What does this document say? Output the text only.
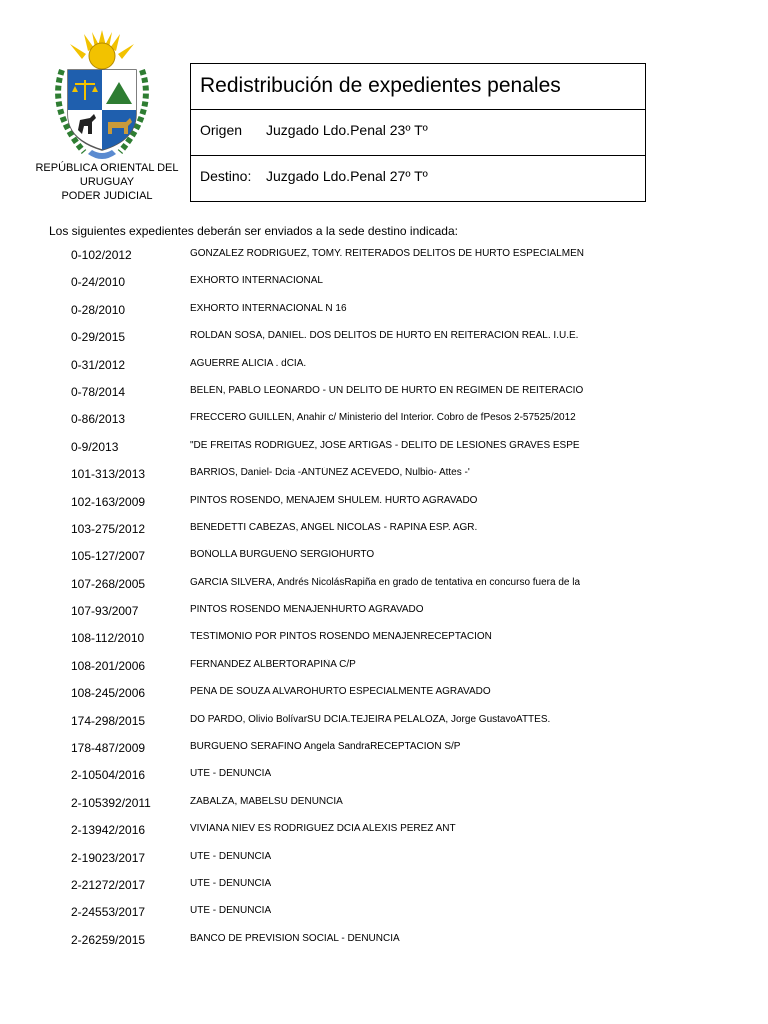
REPÚBLICA ORIENTAL DEL
URUGUAY
PODER JUDICIAL
Redistribución de expedientes penales
Origen Juzgado Ldo.Penal 23º Tº
Destino: Juzgado Ldo.Penal 27º Tº
Los siguientes expedientes deberán ser enviados a la sede destino indicada:
0-102/2012	GONZALEZ RODRIGUEZ, TOMY. REITERADOS DELITOS DE HURTO ESPECIALMEN
0-24/2010	EXHORTO INTERNACIONAL
0-28/2010	EXHORTO INTERNACIONAL N 16
0-29/2015	ROLDÁN SOSA, DANIEL. DOS DELITOS DE HURTO EN REITERACIÓN REAL. I.U.E.
0-31/2012	AGUERRE ALICIA . dCIA.
0-78/2014	BELÉN, PABLO LEONARDO - UN DELITO DE HURTO EN RÉGIMEN DE REITERACIÓ
0-86/2013	FRECCERO GUILLEN, Anahir c/ Ministerio del Interior. Cobro de fPesos 2-57525/2012
0-9/2013	"DE FREITAS RODRIGUEZ, JOSE ARTIGAS - DELITO DE LESIONES GRAVES ESPE
101-313/2013	BARRIOS, Daniel- Dcia -ANTÚNEZ ACEVEDO, Nulbio- Attes -'
102-163/2009	PINTOS ROSENDO, MENAJEM SHULEM. HURTO AGRAVADO
103-275/2012	BENEDETTI CABEZAS, ANGEL NICOLAS - RAPIÑA ESP. AGR.
105-127/2007	BOÑOLLA BURGUEÑO SERGIOHURTO
107-268/2005	GARCIA SILVERA, Andrés NicolásRapiña en grado de tentativa en concurso fuera de la
107-93/2007	PINTOS ROSENDO MENAJENHURTO AGRAVADO
108-112/2010	TESTIMONIO POR PINTOS ROSENDO MENAJENRECEPTACION
108-201/2006	FERNANDEZ ALBERTORAPIÑA C/P
108-245/2006	PEÑA DE SOUZA ALVAROHURTO ESPECIALMENTE AGRAVADO
174-298/2015	DO PARDO, Olivio BolívarSU DCIA.TEJEIRA PELALOZA, Jorge GustavoATTES.
178-487/2009	BURGUEÑO SERAFINO Angela SandraRECEPTACION S/P
2-10504/2016	UTE - DENUNCIA
2-105392/2011	ZABALZA, MABELSU DENUNCIA
2-13942/2016	VIVIANA NIEV ES RODRIGUEZ DCIA ALEXIS PEREZ ANT
2-19023/2017	UTE - DENUNCIA
2-21272/2017	UTE - DENUNCIA
2-24553/2017	UTE - DENUNCIA
2-26259/2015	BANCO DE PREVISION SOCIAL - DENUNCIA
